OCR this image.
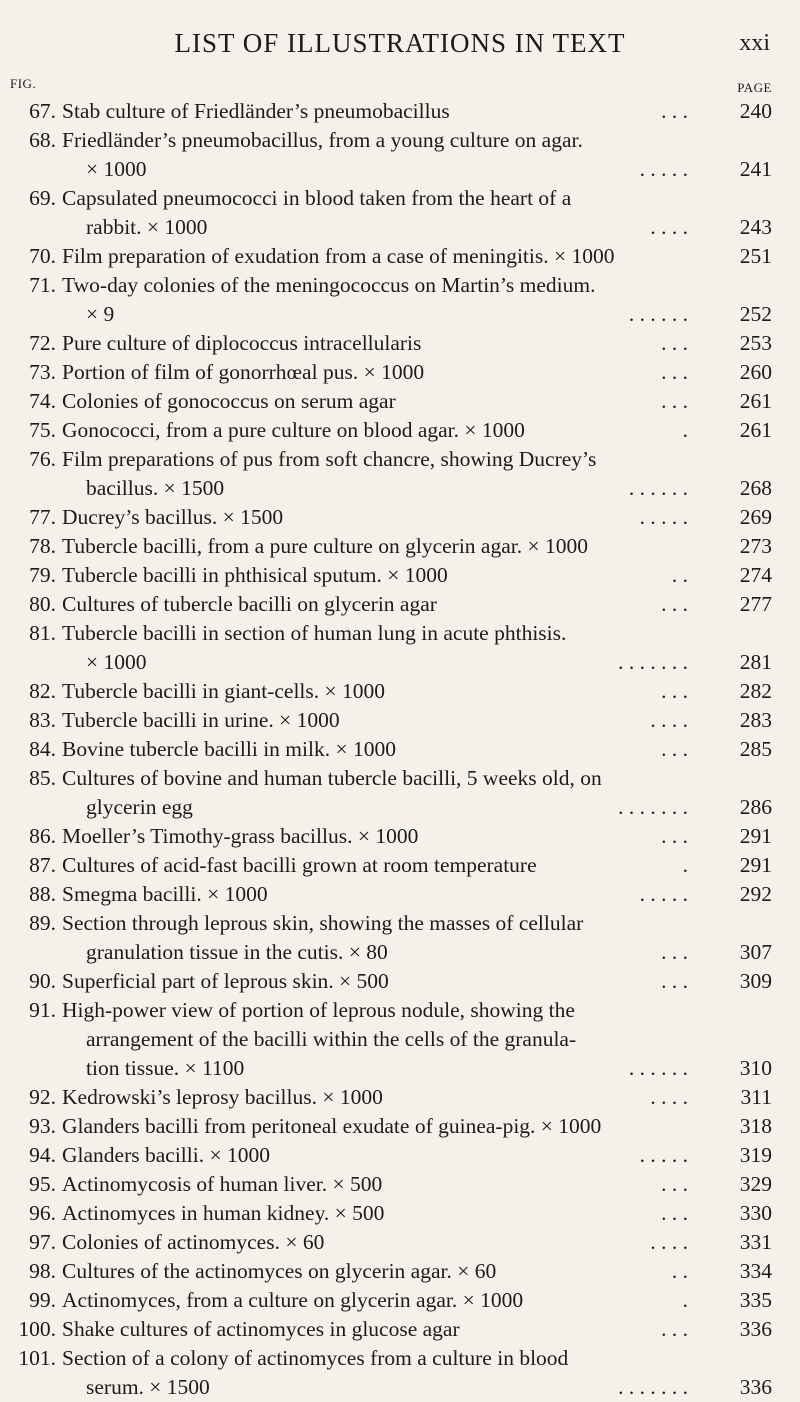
LIST OF ILLUSTRATIONS IN TEXT	xxi
FIG.	PAGE
67. Stab culture of Friedländer’s pneumobacillus	. . .	240
68. Friedländer’s pneumobacillus, from a young culture on agar.
× 1000	. . . . .	241
69. Capsulated pneumococci in blood taken from the heart of a
rabbit. × 1000	. . . .	243
70. Film preparation of exudation from a case of meningitis. × 1000	251
71. Two-day colonies of the meningococcus on Martin’s medium.
× 9	. . . . . .	252
72. Pure culture of diplococcus intracellularis	. . .	253
73. Portion of film of gonorrhœal pus. × 1000	. . .	260
74. Colonies of gonococcus on serum agar	. . .	261
75. Gonococci, from a pure culture on blood agar. × 1000	.	261
76. Film preparations of pus from soft chancre, showing Ducrey’s
bacillus. × 1500	. . . . . .	268
77. Ducrey’s bacillus. × 1500	. . . . .	269
78. Tubercle bacilli, from a pure culture on glycerin agar. × 1000	273
79. Tubercle bacilli in phthisical sputum. × 1000	. .	274
80. Cultures of tubercle bacilli on glycerin agar	. . .	277
81. Tubercle bacilli in section of human lung in acute phthisis.
× 1000	. . . . . . .	281
82. Tubercle bacilli in giant-cells. × 1000	. . .	282
83. Tubercle bacilli in urine. × 1000	. . . .	283
84. Bovine tubercle bacilli in milk. × 1000	. . .	285
85. Cultures of bovine and human tubercle bacilli, 5 weeks old, on
glycerin egg	. . . . . . .	286
86. Moeller’s Timothy-grass bacillus. × 1000	. . .	291
87. Cultures of acid-fast bacilli grown at room temperature	.	291
88. Smegma bacilli. × 1000	. . . . .	292
89. Section through leprous skin, showing the masses of cellular
granulation tissue in the cutis. × 80	. . .	307
90. Superficial part of leprous skin. × 500	. . .	309
91. High-power view of portion of leprous nodule, showing the
arrangement of the bacilli within the cells of the granula-
tion tissue. × 1100	. . . . . .	310
92. Kedrowski’s leprosy bacillus. × 1000	. . . .	311
93. Glanders bacilli from peritoneal exudate of guinea-pig. × 1000	318
94. Glanders bacilli. × 1000	. . . . .	319
95. Actinomycosis of human liver. × 500	. . .	329
96. Actinomyces in human kidney. × 500	. . .	330
97. Colonies of actinomyces. × 60	. . . .	331
98. Cultures of the actinomyces on glycerin agar. × 60	. .	334
99. Actinomyces, from a culture on glycerin agar. × 1000	.	335
100. Shake cultures of actinomyces in glucose agar	. . .	336
101. Section of a colony of actinomyces from a culture in blood
serum. × 1500	. . . . . . .	336
